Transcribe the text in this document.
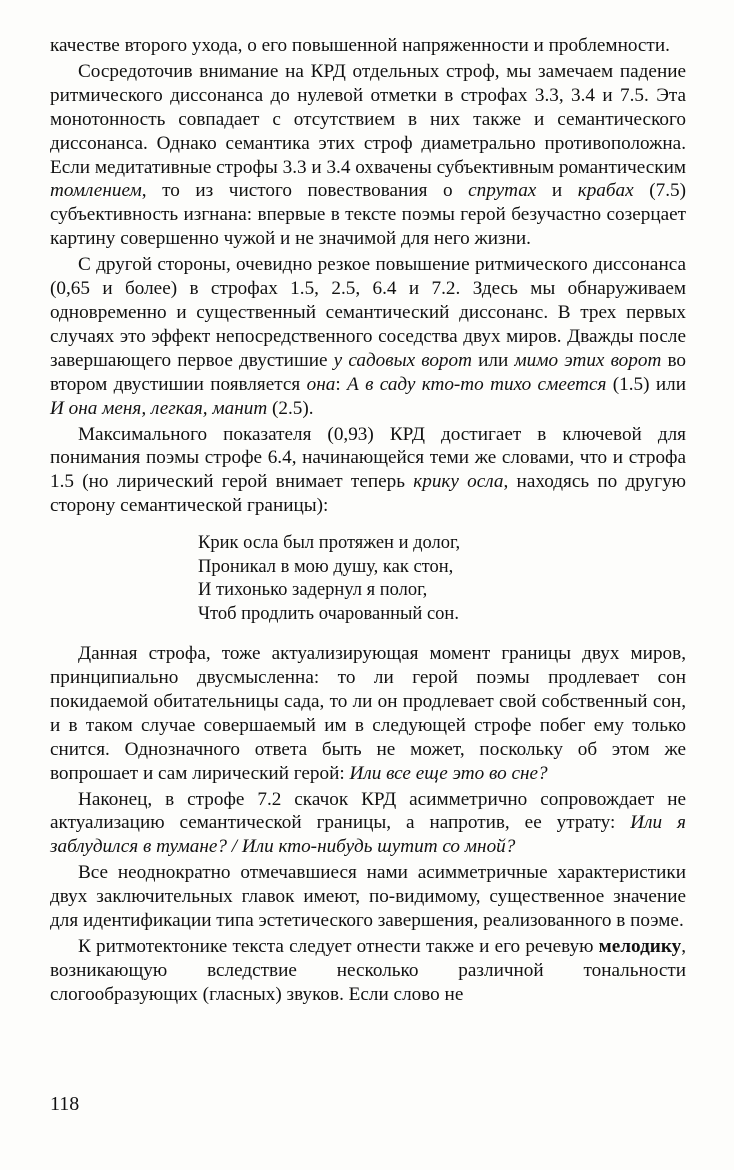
качестве второго ухода, о его повышенной напряженности и проблемности.

Сосредоточив внимание на КРД отдельных строф, мы замечаем падение ритмического диссонанса до нулевой отметки в строфах 3.3, 3.4 и 7.5. Эта монотонность совпадает с отсутствием в них также и семантического диссонанса. Однако семантика этих строф диаметрально противоположна. Если медитативные строфы 3.3 и 3.4 охвачены субъективным романтическим томлением, то из чистого повествования о спрутах и крабах (7.5) субъективность изгнана: впервые в тексте поэмы герой безучастно созерцает картину совершенно чужой и не значимой для него жизни.

С другой стороны, очевидно резкое повышение ритмического диссонанса (0,65 и более) в строфах 1.5, 2.5, 6.4 и 7.2. Здесь мы обнаруживаем одновременно и существенный семантический диссонанс. В трех первых случаях это эффект непосредственного соседства двух миров. Дважды после завершающего первое двустишие у садовых ворот или мимо этих ворот во втором двустишии появляется она: А в саду кто-то тихо смеется (1.5) или И она меня, легкая, манит (2.5).

Максимального показателя (0,93) КРД достигает в ключевой для понимания поэмы строфе 6.4, начинающейся теми же словами, что и строфа 1.5 (но лирический герой внимает теперь крику осла, находясь по другую сторону семантической границы):

Крик осла был протяжен и долог,
Проникал в мою душу, как стон,
И тихонько задернул я полог,
Чтоб продлить очарованный сон.

Данная строфа, тоже актуализирующая момент границы двух миров, принципиально двусмысленна: то ли герой поэмы продлевает сон покидаемой обитательницы сада, то ли он продлевает свой собственный сон, и в таком случае совершаемый им в следующей строфе побег ему только снится. Однозначного ответа быть не может, поскольку об этом же вопрошает и сам лирический герой: Или все еще это во сне?

Наконец, в строфе 7.2 скачок КРД асимметрично сопровождает не актуализацию семантической границы, а напротив, ее утрату: Или я заблудился в тумане? / Или кто-нибудь шутит со мной?

Все неоднократно отмечавшиеся нами асимметричные характеристики двух заключительных главок имеют, по-видимому, существенное значение для идентификации типа эстетического завершения, реализованного в поэме.

К ритмотектонике текста следует отнести также и его речевую мелодику, возникающую вследствие несколько различной тональности слогообразующих (гласных) звуков. Если слово не

118
